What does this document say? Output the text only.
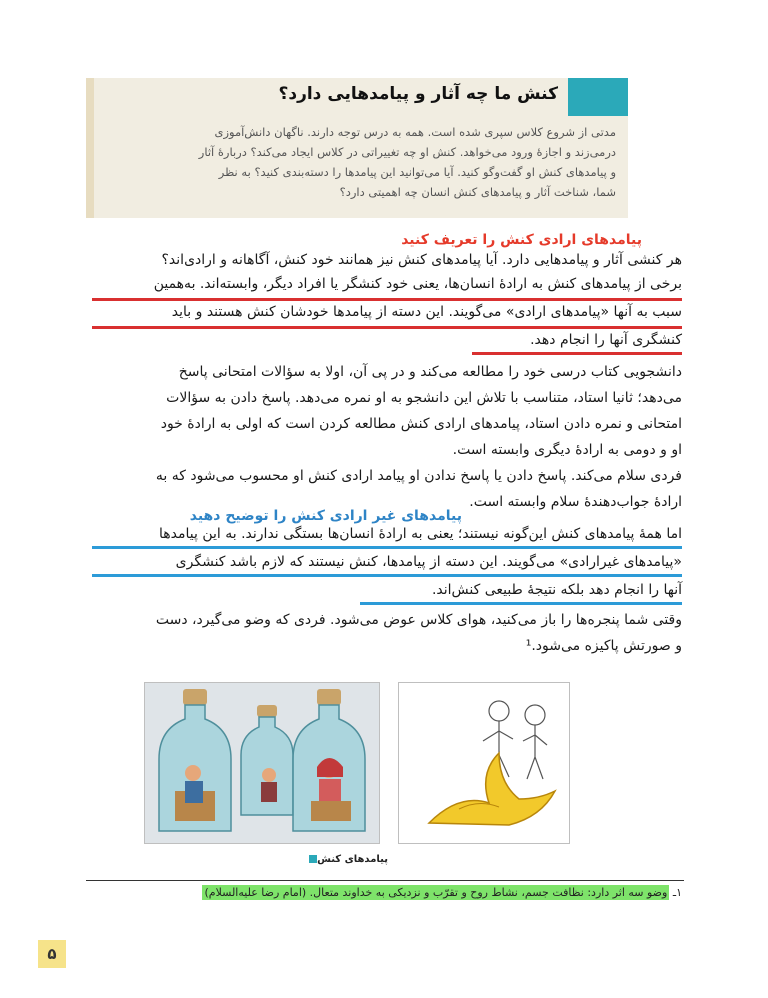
کنش ما چه آثار و پیامدهایی دارد؟
مدتی از شروع کلاس سپری شده است. همه به درس توجه دارند. ناگهان دانش‌آموزی
درمی‌زند و اجازهٔ ورود می‌خواهد. کنش او چه تغییراتی در کلاس ایجاد می‌کند؟ دربارهٔ آثار
و پیامدهای کنش او گفت‌وگو کنید. آیا می‌توانید این پیامدها را دسته‌بندی کنید؟ به نظر
شما، شناخت آثار و پیامدهای کنش انسان چه اهمیتی دارد؟
پیامدهای ارادی کنش را تعریف کنید
هر کنشی آثار و پیامدهایی دارد. آیا پیامدهای کنش نیز همانند خود کنش، آگاهانه و ارادی‌اند؟
برخی از پیامدهای کنش به ارادهٔ انسان‌ها، یعنی خود کنشگر یا افراد دیگر، وابسته‌اند. به‌همین
سبب به آنها «پیامدهای ارادی» می‌گویند. این دسته از پیامدها خودشان کنش هستند و باید
کنشگری آنها را انجام دهد.
دانشجویی کتاب درسی خود را مطالعه می‌کند و در پی آن، اولا به سؤالات امتحانی پاسخ
می‌دهد؛ ثانیا استاد، متناسب با تلاش این دانشجو به او نمره می‌دهد. پاسخ دادن به سؤالات
امتحانی و نمره دادن استاد، پیامدهای ارادی کنش مطالعه کردن است که اولی به ارادهٔ خود
او و دومی به ارادهٔ دیگری وابسته است.
فردی سلام می‌کند. پاسخ دادن یا پاسخ ندادن او پیامد ارادی کنش او محسوب می‌شود که به
ارادهٔ جواب‌دهندهٔ سلام وابسته است.
پیامدهای غیر ارادی کنش را توضیح دهید
اما همهٔ پیامدهای کنش این‌گونه نیستند؛ یعنی به ارادهٔ انسان‌ها بستگی ندارند. به این پیامدها
«پیامدهای غیرارادی» می‌گویند. این دسته از پیامدها، کنش نیستند که لازم باشد کنشگری
آنها را انجام دهد بلکه نتیجهٔ طبیعی کنش‌اند.
وقتی شما پنجره‌ها را باز می‌کنید، هوای کلاس عوض می‌شود. فردی که وضو می‌گیرد، دست
و صورتش پاکیزه می‌شود.¹
پیامدهای کنش
۱ـ وضو سه اثر دارد: نظافت جسم، نشاط روح و تقرّب و نزدیکی به خداوند متعال. (امام رضا علیه‌السلام)
۵
